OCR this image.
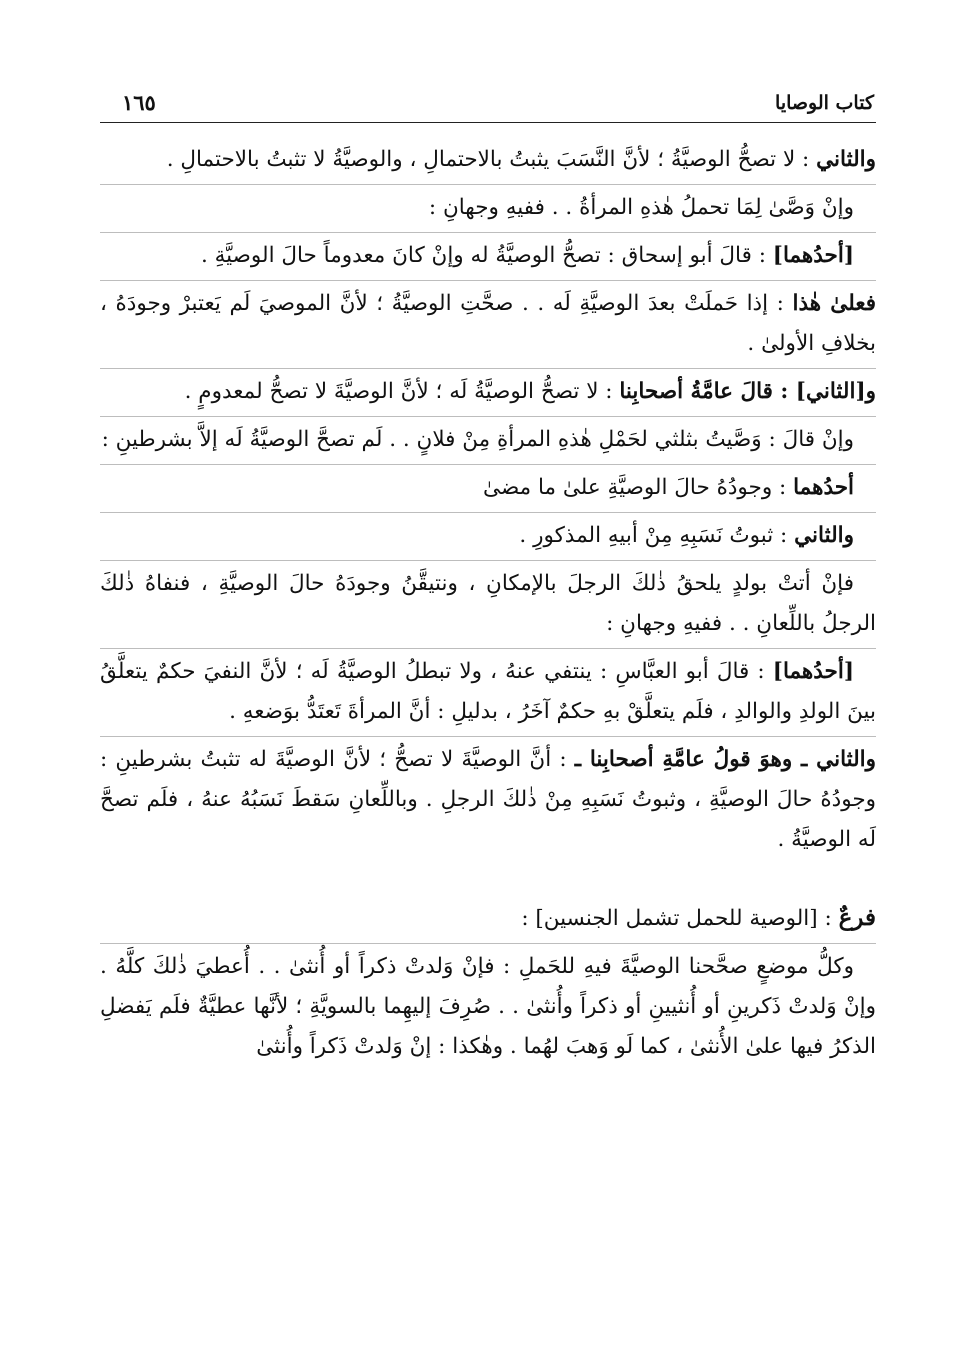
كتاب الوصايا
١٦٥

والثاني : لا تصحُّ الوصيَّةُ ؛ لأنَّ النَّسَبَ يثبتُ بالاحتمالِ ، والوصيَّةُ لا تثبتُ بالاحتمالِ .

وإنْ وَصَّىٰ لِمَا تحملُ هٰذهِ المرأةُ . . ففيهِ وجهانِ :

[أحدُهما] : قالَ أبو إسحاق : تصحُّ الوصيَّةُ له وإنْ كانَ معدوماً حالَ الوصيَّةِ .

فعلىٰ هٰذا : إذا حَملَتْ بعدَ الوصيَّةِ لَه . . صحَّتِ الوصيَّةُ ؛ لأنَّ الموصيَ لَم يَعتبرْ وجودَهُ ، بخلافِ الأولىٰ .

و[الثاني] : قالَ عامَّةُ أصحابِنا : لا تصحُّ الوصيَّةُ لَه ؛ لأنَّ الوصيَّةَ لا تصحُّ لمعدومٍ .

وإنْ قالَ : وَصَّيتُ بثلثي لحَمْلِ هٰذهِ المرأةِ مِنْ فلانٍ . . لَم تصحَّ الوصيَّةُ لَه إلاَّ بشرطينِ :

أحدُهما : وجودُهُ حالَ الوصيَّةِ علىٰ ما مضىٰ

والثاني : ثبوتُ نَسَبِهِ مِنْ أبيهِ المذكورِ .

فإنْ أتتْ بولدٍ يلحقُ ذٰلكَ الرجلَ بالإمكانِ ، ونتيقَّنُ وجودَهُ حالَ الوصيَّةِ ، فنفاهُ ذٰلكَ الرجلُ باللِّعانِ . . ففيهِ وجهانِ :

[أحدُهما] : قالَ أبو العبَّاسِ : ينتفي عنهُ ، ولا تبطلُ الوصيَّةُ لَه ؛ لأنَّ النفيَ حكمٌ يتعلَّقُ بينَ الولدِ والوالدِ ، فلَم يتعلَّقْ بهِ حكمٌ آخَرُ ، بدليلِ : أنَّ المرأةَ تَعتَدُّ بوَضعهِ .

والثاني ـ وهوَ قولُ عامَّةِ أصحابِنا ـ : أنَّ الوصيَّةَ لا تصحُّ ؛ لأنَّ الوصيَّةَ له تثبتُ بشرطينِ : وجودُهُ حالَ الوصيَّةِ ، وثبوتُ نَسَبِهِ مِنْ ذٰلكَ الرجلِ . وباللِّعانِ سَقطَ نَسَبُهُ عنهُ ، فلَم تصحَّ لَه الوصيَّةُ .

فرعٌ : [الوصية للحمل تشمل الجنسين] :

وكلُّ موضعٍ صحَّحنا الوصيَّةَ فيهِ للحَملِ : فإنْ وَلدتْ ذكراً أو أُنثىٰ . . أُعطيَ ذٰلكَ كلَّهُ . وإنْ وَلدتْ ذَكرينِ أو أُنثيينِ أو ذكراً وأُنثىٰ . . صُرِفَ إليهِما بالسويَّةِ ؛ لأنَّها عطيَّةٌ فلَم يَفضلِ الذكرُ فيها علىٰ الأُنثىٰ ، كما لَو وَهبَ لهُما . وهٰكذا : إنْ وَلدتْ ذَكراً وأُنثىٰ
